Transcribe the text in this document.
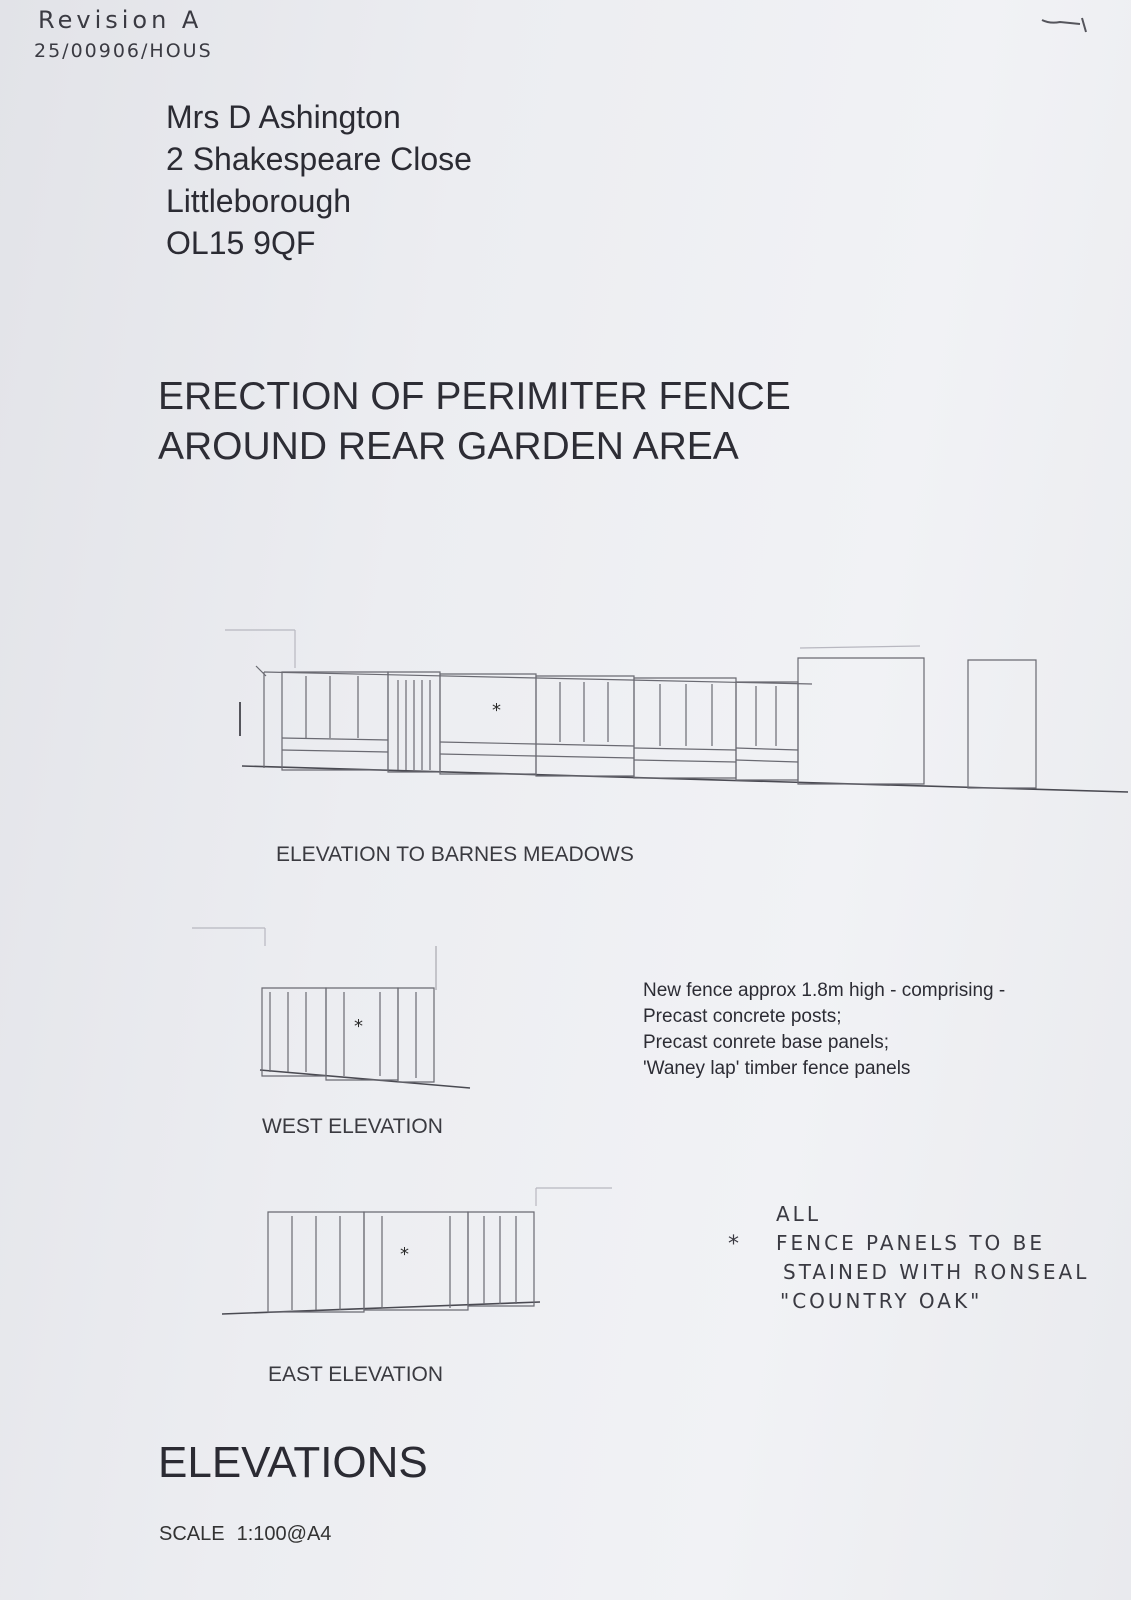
Revision A
25/00906/HOUS
Mrs D Ashington
2 Shakespeare Close
Littleborough
OL15 9QF
ERECTION OF PERIMITER FENCE
AROUND REAR GARDEN AREA
*
ELEVATION TO BARNES MEADOWS
*
WEST ELEVATION
New fence approx 1.8m high - comprising -
Precast concrete posts;
Precast conrete base panels;
'Waney lap' timber fence panels
*
EAST ELEVATION
*
ALL
FENCE PANELS TO BE
STAINED WITH RONSEAL
"COUNTRY OAK"
ELEVATIONS
SCALE 1:100@A4
